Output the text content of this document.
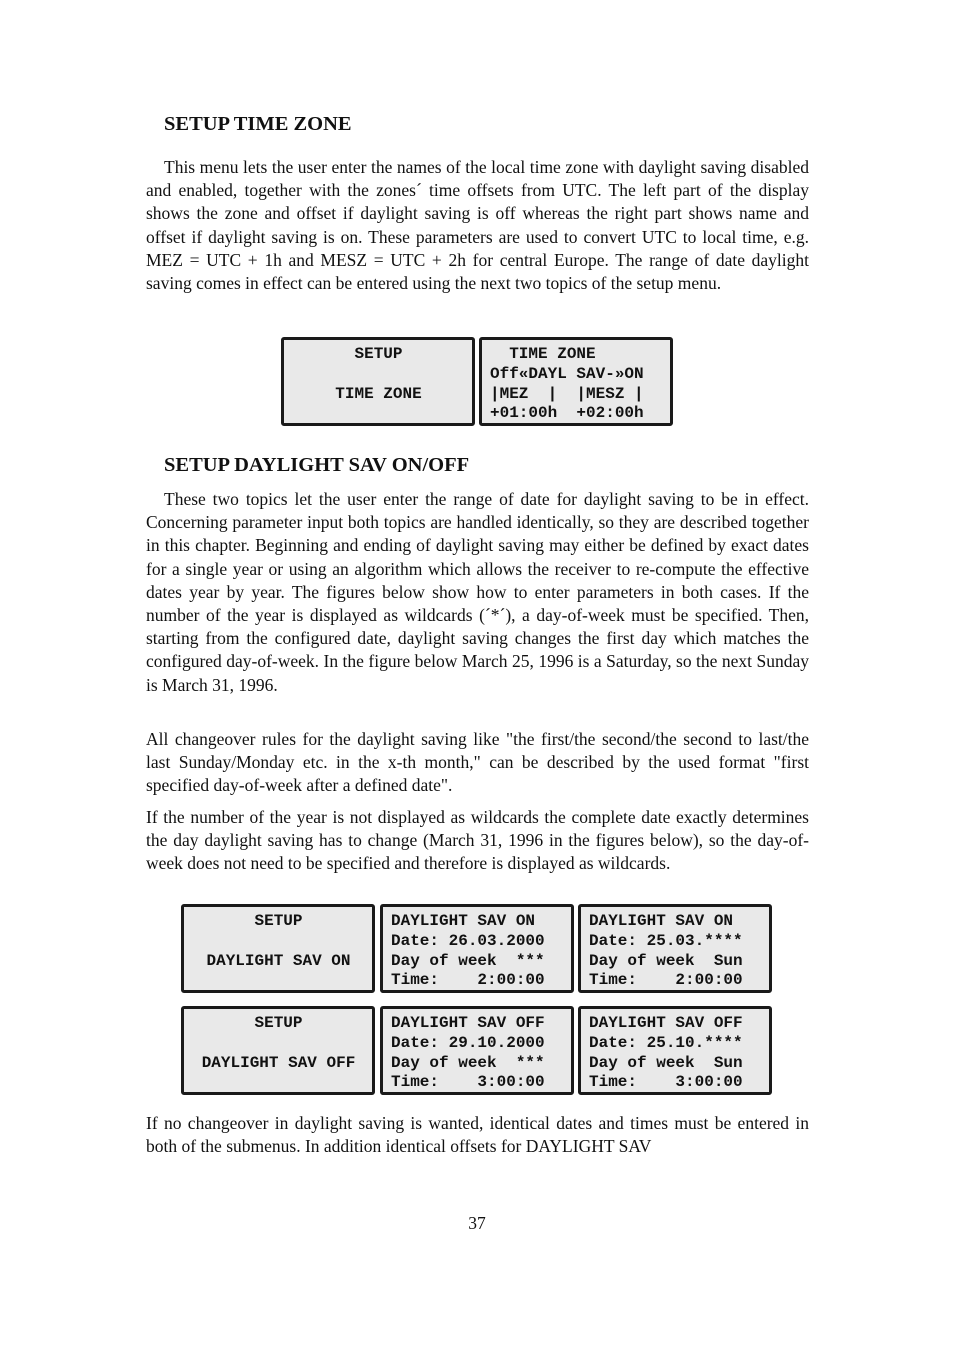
SETUP TIME ZONE

This menu lets the user enter the names of the local time zone with daylight saving disabled and enabled, together with the zones´ time offsets from UTC. The left part of the display shows the zone and offset if daylight saving is off whereas the right part shows name and offset if daylight saving is on. These parameters are used to convert UTC to local time, e.g. MEZ = UTC + 1h and MESZ = UTC + 2h for central Europe. The range of date daylight saving comes in effect can be entered using the next two topics of the setup menu.

SETUP
TIME ZONE
TIME ZONE
Off«DAYL SAV-»ON
|MEZ  |  |MESZ |
+01:00h  +02:00h
SETUP DAYLIGHT SAV ON/OFF

These two topics let the user enter the range of date for daylight saving to be in effect. Concerning parameter input both topics are handled identically, so they are described together in this chapter. Beginning and ending of daylight saving may either be defined by exact dates for a single year or using an algorithm which allows the receiver to re-compute the effective dates year by year. The figures below show how to enter parameters in both cases. If the number of the year is displayed as wildcards (´*´), a day-of-week must be specified. Then, starting from the configured date, daylight saving changes the first day which matches the configured day-of-week. In the figure below March 25, 1996 is a Saturday, so the next Sunday is March 31, 1996.

All changeover rules for the daylight saving like "the first/the second/the second to last/the last Sunday/Monday etc. in the x-th month," can be described by the used format "first specified day-of-week after a defined date".

If the number of the year is not displayed as wildcards the complete date exactly determines the day daylight saving has to change (March 31, 1996 in the figures below), so the day-of-week does not need to be specified and therefore is displayed as wildcards.

SETUP
DAYLIGHT SAV ON
DAYLIGHT SAV ON
Date: 26.03.2000
Day of week  ***
Time:    2:00:00
DAYLIGHT SAV ON
Date: 25.03.****
Day of week  Sun
Time:    2:00:00
SETUP
DAYLIGHT SAV OFF
DAYLIGHT SAV OFF
Date: 29.10.2000
Day of week  ***
Time:    3:00:00
DAYLIGHT SAV OFF
Date: 25.10.****
Day of week  Sun
Time:    3:00:00

If no changeover in daylight saving is wanted, identical dates and times must be entered in both of the submenus. In addition identical offsets for DAYLIGHT SAV

37
